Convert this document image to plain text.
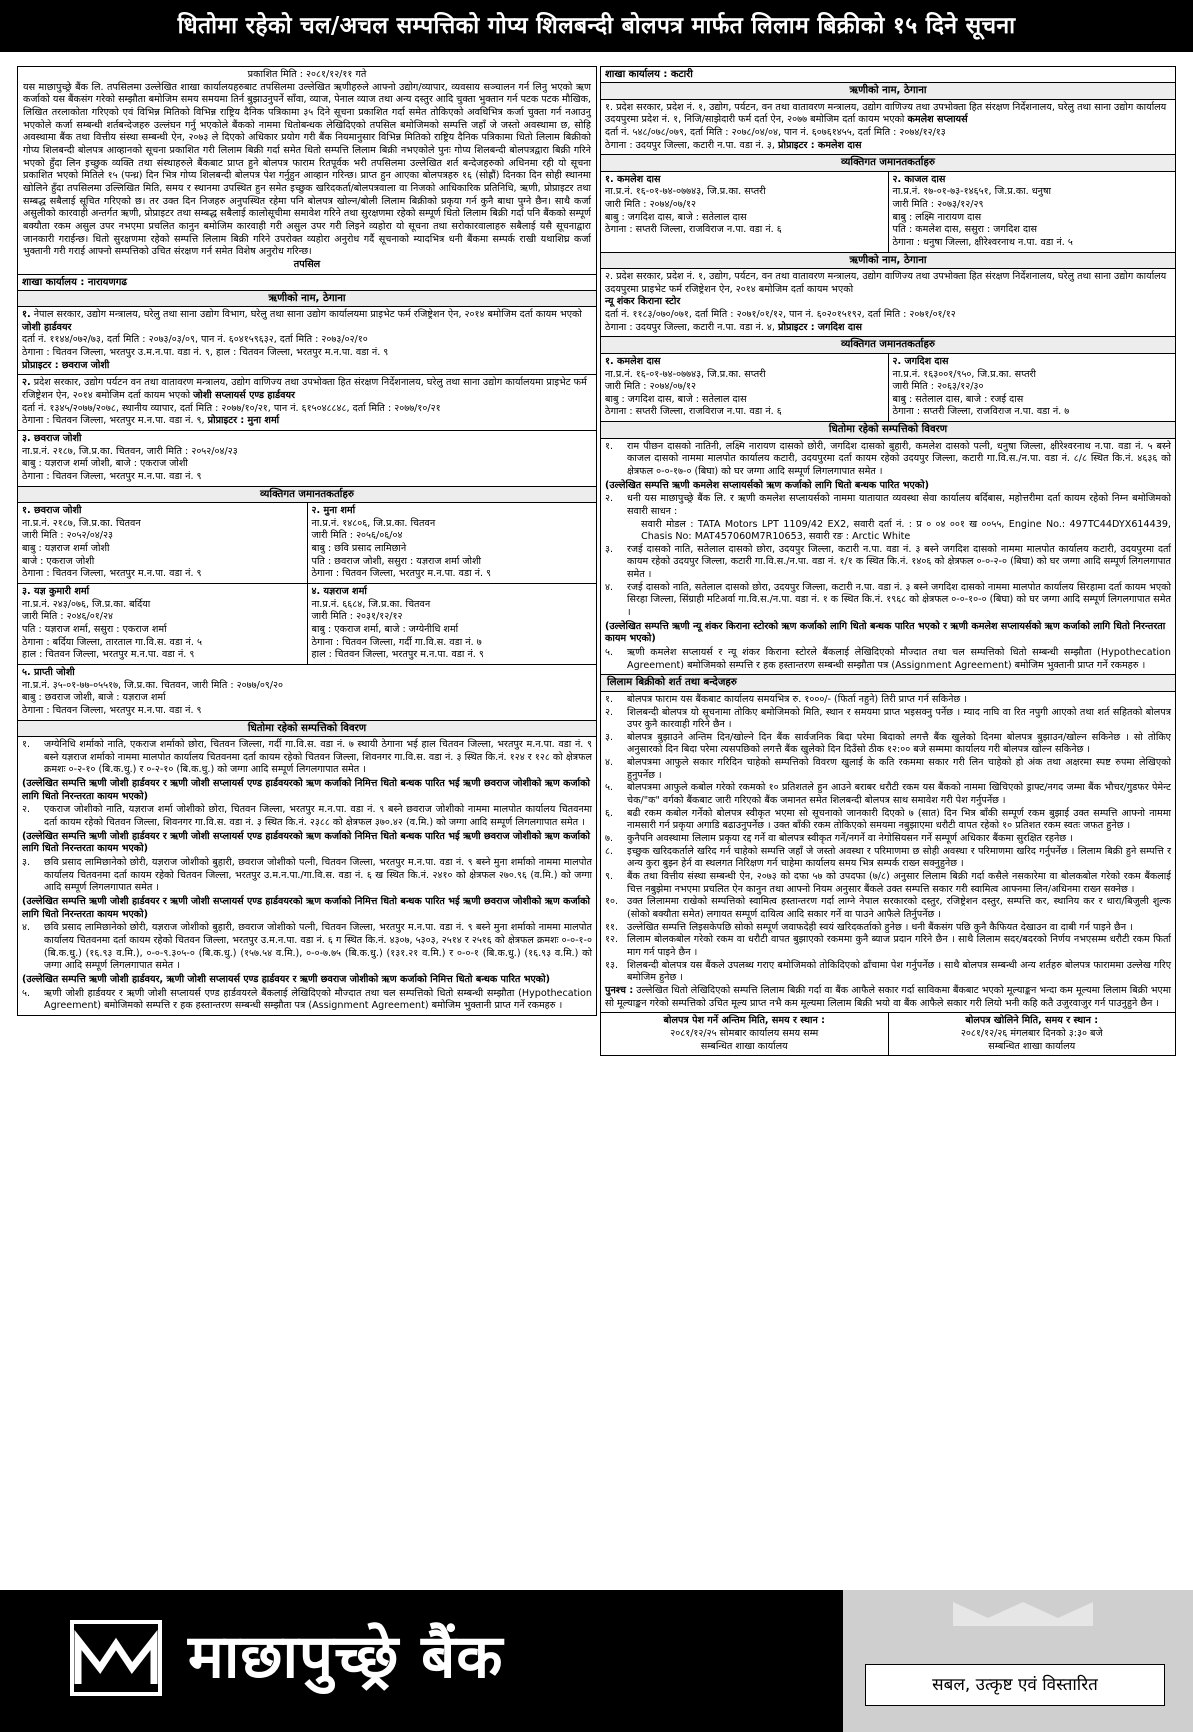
धितोमा रहेको चल/अचल सम्पत्तिको गोप्य शिलबन्दी बोलपत्र मार्फत लिलाम बिक्रीको १५ दिने सूचना
प्रकाशित मिति : २०८१/१२/११ गते

यस माछापुच्छ्रे बैंक लि. तपसिलमा उल्लेखित शाखा कार्यालयहरुबाट तपसिलमा उल्लेखित ऋणीहरुले आफ्नो उद्योग/व्यापार, व्यवसाय सञ्चालन गर्न लिनु भएको ऋण कर्जाको यस बैंकसंग गरेको सम्झौता बमोजिम समय समयमा तिर्न बुझाउनुपर्ने साँवा, व्याज, पेनाल व्याज तथा अन्य दस्तुर आदि चुक्ता भुक्तान गर्न पटक पटक मौखिक, लिखित तरलाकोता गरिएको एवं विभिन्न मितिको विभिन्न राष्ट्रिय दैनिक पत्रिकामा ३५ दिने सूचना प्रकाशित गर्दा समेत तोकिएको अवधिभित्र कर्जा चुक्ता गर्न नआउनु भएकोले कर्जा सम्बन्धी शर्तबन्देजहरु उल्लंघन गर्नु भएकोले बैंकको नाममा धितोबन्धक लेखिदिएको तपसिल बमोजिमको सम्पत्ति जहाँ जे जस्तो अवस्थामा छ, सोहि अवस्थामा बैंक तथा वित्तीय संस्था सम्बन्धी ऐन, २०७३ ले दिएको अधिकार प्रयोग गरी बैंक नियमानुसार विभिन्न मितिको राष्ट्रिय दैनिक पत्रिकामा धितो लिलाम बिक्रीको गोप्य शिलबन्दी बोलपत्र आव्हानको सूचना प्रकाशित गरी लिलाम बिक्री गर्दा समेत धितो सम्पत्ति लिलाम बिक्री नभएकोले पुनः गोप्य शिलबन्दी बोलपत्रद्वारा बिक्री गरिने भएको हुँदा लिन इच्छुक व्यक्ति तथा संस्थाहरुले बैंकबाट प्राप्त हुने बोलपत्र फाराम रितपूर्वक भरी तपसिलमा उल्लेखित शर्त बन्देजहरुको अधिनमा रही यो सूचना प्रकाशित भएको मितिले १५ (पन्ध्र) दिन भित्र गोप्य शिलबन्दी बोलपत्र पेश गर्नुहुन आव्हान गरिन्छ। प्राप्त हुन आएका बोलपत्रहरु १६ (सोह्रौं) दिनका दिन सोही स्थानमा खोलिने हुँदा तपसिलमा उल्लिखित मिति, समय र स्थानमा उपस्थित हुन समेत इच्छुक खरिदकर्ता/बोलपत्रवाला वा निजको आधिकारिक प्रतिनिधि, ऋणी, प्रोप्राइटर तथा सम्बद्ध सबैलाई सूचित गरिएको छ। तर उक्त दिन निजहरु अनुपस्थित रहेमा पनि बोलपत्र खोल्न/बोली लिलाम बिक्रीको प्रकृया गर्न कुनै बाधा पुग्ने छैन। साथै कर्जा असुलीको कारवाही अन्तर्गत ऋणी, प्रोप्राइटर तथा सम्बद्ध सबैलाई कालोसूचीमा समावेश गरिने तथा सुरक्षणमा रहेको सम्पूर्ण धितो लिलाम बिक्री गर्दा पनि बैंकको सम्पूर्ण बक्यौता रकम असुल उपर नभएमा प्रचलित कानुन बमोजिम कारवाही गरी असुल उपर गरी लिइने व्यहोरा यो सूचना तथा सरोकारवालाहरु सबैलाई यसै सूचनाद्वारा जानकारी गराईन्छ। धितो सुरक्षणमा रहेको सम्पत्ति लिलाम बिक्री गरिने उपरोक्त व्यहोरा अनुरोध गर्दै सूचनाको म्यादभित्र धनी बैंकमा सम्पर्क राखी यथाशिघ्र कर्जा भुक्तानी गरी गराई आफ्नो सम्पत्तिको उचित संरक्षण गर्न समेत विशेष अनुरोध गरिन्छ।

तपसिल
शाखा कार्यालय : नारायणगढ
ऋणीको नाम, ठेगाना
१. नेपाल सरकार, उद्योग मन्त्रालय, घरेलु तथा साना उद्योग विभाग, घरेलु तथा साना उद्योग कार्यालयमा प्राइभेट फर्म रजिष्ट्रेशन ऐन, २०१४ बमोजिम दर्ता कायम भएको जोशी हार्डवयर
दर्ता नं. ११४४/०७२/७३, दर्ता मिति : २०७३/०३/०९, पान नं. ६०४१५९६३२, दर्ता मिति : २०७३/०२/१०
ठेगाना : चितवन जिल्ला, भरतपुर उ.म.न.पा. वडा नं. ९, हाल : चितवन जिल्ला, भरतपुर म.न.पा. वडा नं. ९
प्रोप्राइटर : छवराज जोशी
२. प्रदेश सरकार, उद्योग पर्यटन वन तथा वातावरण मन्त्रालय, उद्योग वाणिज्य तथा उपभोक्ता हित संरक्षण निर्देशनालय, घरेलु तथा साना उद्योग कार्यालयमा प्राइभेट फर्म रजिष्ट्रेशन ऐन, २०१४ बमोजिम दर्ता कायम भएको जोशी सप्लायर्स एण्ड हार्डवयर
दर्ता नं. १३४५/२०७७/२०७८, स्थानीय व्यापार, दर्ता मिति : २०७७/१०/२१, पान नं. ६१५०४८८४८, दर्ता मिति : २०७७/१०/२१
ठेगाना : चितवन जिल्ला, भरतपुर म.न.पा. वडा नं. ९, प्रोप्राइटर : मुना शर्मा
३. छवराज जोशी
ना.प्र.नं. २१८७, जि.प्र.का. चितवन, जारी मिति : २०५२/०४/२३
बाबु : यज्ञराज शर्मा जोशी, बाजे : एकराज जोशी
ठेगाना : चितवन जिल्ला, भरतपुर म.न.पा. वडा नं. ९
व्यक्तिगत जमानतकर्ताहरु
१. छवराज जोशी
ना.प्र.नं. २१८७, जि.प्र.का. चितवन
जारी मिति : २०५२/०४/२३
बाबु : यज्ञराज शर्मा जोशी
बाजे : एकराज जोशी
ठेगाना : चितवन जिल्ला, भरतपुर म.न.पा. वडा नं. ९
२. मुना शर्मा
ना.प्र.नं. १४८०६, जि.प्र.का. चितवन
जारी मिति : २०५६/०६/०४
बाबु : छवि प्रसाद लामिछाने
पति : छवराज जोशी, ससुरा : यज्ञराज शर्मा जोशी
ठेगाना : चितवन जिल्ला, भरतपुर म.न.पा. वडा नं. ९
३. यज्ञ कुमारी शर्मा
ना.प्र.नं. २४३/०७६, जि.प्र.का. बर्दिया
जारी मिति : २०४६/०१/२४
पति : यज्ञराज शर्मा, ससुरा : एकराज शर्मा
ठेगाना : बर्दिया जिल्ला, तारताल गा.वि.स. वडा नं. ५
हाल : चितवन जिल्ला, भरतपुर म.न.पा. वडा नं. ९
४. यज्ञराज शर्मा
ना.प्र.नं. ६६८४, जि.प्र.का. चितवन
जारी मिति : २०३१/१२/१२
बाबु : एकराज शर्मा, बाजे : जग्येनीधि शर्मा
ठेगाना : चितवन जिल्ला, गर्दी गा.वि.स. वडा नं. ७
हाल : चितवन जिल्ला, भरतपुर म.न.पा. वडा नं. ९
५. प्राप्ती जोशी
ना.प्र.नं. ३५-०१-७७-०५५१७, जि.प्र.का. चितवन, जारी मिति : २०७७/०९/२०
बाबु : छवराज जोशी, बाजे : यज्ञराज शर्मा
ठेगाना : चितवन जिल्ला, भरतपुर म.न.पा. वडा नं. ९
धितोमा रहेको सम्पत्तिको विवरण
१.	जग्येनिधि शर्माको नाति, एकराज शर्माको छोरा, चितवन जिल्ला, गर्दी गा.वि.स. वडा नं. ७ स्थायी ठेगाना भई हाल चितवन जिल्ला, भरतपुर म.न.पा. वडा नं. ९ बस्ने यज्ञराज शर्माको नाममा मालपोत कार्यालय चितवनमा दर्ता कायम रहेको चितवन जिल्ला, शिवनगर गा.वि.स. वडा नं. ३ स्थित कि.नं. १२४ र १२८ को क्षेत्रफल क्रमशः ०-२-१० (बि.क.धु.) र ०-२-१० (बि.क.धु.) को जग्गा आदि सम्पूर्ण लिगलगापात समेत ।
(उल्लेखित सम्पत्ति ऋणी जोशी हार्डवयर र ऋणी जोशी सप्लायर्स एण्ड हार्डवयरको ऋण कर्जाको निमित्त धितो बन्धक पारित भई ऋणी छवराज जोशीको ऋण कर्जाको लागि धितो निरन्तरता कायम भएको)
२.	एकराज जोशीको नाति, यज्ञराज शर्मा जोशीको छोरा, चितवन जिल्ला, भरतपुर म.न.पा. वडा नं. ९ बस्ने छवराज जोशीको नाममा मालपोत कार्यालय चितवनमा दर्ता कायम रहेको चितवन जिल्ला, शिवनगर गा.वि.स. वडा नं. ३ स्थित कि.नं. २३८८ को क्षेत्रफल ३७०.४२ (व.मि.) को जग्गा आदि सम्पूर्ण लिगलगापात समेत ।
(उल्लेखित सम्पत्ति ऋणी जोशी हार्डवयर र ऋणी जोशी सप्लायर्स एण्ड हार्डवयरको ऋण कर्जाको निमित्त धितो बन्धक पारित भई ऋणी छवराज जोशीको ऋण कर्जाको लागि धितो निरन्तरता कायम भएको)
३.	छवि प्रसाद लामिछानेको छोरी, यज्ञराज जोशीको बुहारी, छवराज जोशीको पत्नी, चितवन जिल्ला, भरतपुर म.न.पा. वडा नं. ९ बस्ने मुना शर्माको नाममा मालपोत कार्यालय चितवनमा दर्ता कायम रहेको चितवन जिल्ला, भरतपुर उ.म.न.पा./गा.वि.स. वडा नं. ६ ख स्थित कि.नं. २४१० को क्षेत्रफल २७०.९६ (व.मि.) को जग्गा आदि सम्पूर्ण लिगलगापात समेत ।
(उल्लेखित सम्पत्ति ऋणी जोशी हार्डवयर र ऋणी जोशी सप्लायर्स एण्ड हार्डवयरको ऋण कर्जाको निमित्त धितो बन्धक पारित भई ऋणी छवराज जोशीको ऋण कर्जाको लागि धितो निरन्तरता कायम भएको)
४.	छवि प्रसाद लामिछानेको छोरी, यज्ञराज जोशीको बुहारी, छवराज जोशीको पत्नी, चितवन जिल्ला, भरतपुर म.न.पा. वडा नं. ९ बस्ने मुना शर्माको नाममा मालपोत कार्यालय चितवनमा दर्ता कायम रहेको चितवन जिल्ला, भरतपुर उ.म.न.पा. वडा नं. ६ ग स्थित कि.नं. ४३०७, ५३०३, २५१४ र २५१६ को क्षेत्रफल क्रमशः ०-०-१-० (बि.क.धु.) (१६.९३ व.मि.), ०-०-९.३०५-० (बि.क.धु.) (१५७.५४ व.मि.), ०-०-७.७५ (बि.क.धु.) (१३१.२१ व.मि.) र ०-०-१ (बि.क.धु.) (१६.९३ व.मि.) को जग्गा आदि सम्पूर्ण लिगलगापात समेत ।
(उल्लेखित सम्पत्ति ऋणी जोशी हार्डवयर, ऋणी जोशी सप्लायर्स एण्ड हार्डवयर र ऋणी छवराज जोशीको ऋण कर्जाको निमित्त धितो बन्धक पारित भएको)
५.	ऋणी जोशी हार्डवयर र ऋणी जोशी सप्लायर्स एण्ड हार्डवयरले बैंकलाई लेखिदिएको मौज्दात तथा चल सम्पत्तिको धितो सम्बन्धी सम्झौता (Hypothecation Agreement) बमोजिमको सम्पत्ति र हक हस्तान्तरण सम्बन्धी सम्झौता पत्र (Assignment Agreement) बमोजिम भुक्तानी प्राप्त गर्ने रकमहरु ।
शाखा कार्यालय : कटारी
ऋणीको नाम, ठेगाना
१. प्रदेश सरकार, प्रदेश नं. १, उद्योग, पर्यटन, वन तथा वातावरण मन्त्रालय, उद्योग वाणिज्य तथा उपभोक्ता हित संरक्षण निर्देशनालय, घरेलु तथा साना उद्योग कार्यालय उदयपुरमा प्रदेश नं. १, निजि/साझेदारी फर्म दर्ता ऐन, २०७७ बमोजिम दर्ता कायम भएको कमलेश सप्लायर्स
दर्ता नं. ५४८/०७८/०७९, दर्ता मिति : २०७८/०४/०४, पान नं. ६०७६१४५५, दर्ता मिति : २०७४/१२/१३
ठेगाना : उदयपुर जिल्ला, कटारी न.पा. वडा नं. ३, प्रोप्राइटर : कमलेश दास
व्यक्तिगत जमानतकर्ताहरु
१. कमलेश दास
ना.प्र.नं. १६-०१-७४-०७७४३, जि.प्र.का. सप्तरी
जारी मिति : २०७४/०७/१२
बाबु : जगदिश दास, बाजे : सतेलाल दास
ठेगाना : सप्तरी जिल्ला, राजविराज न.पा. वडा नं. ६
२. काजल दास
ना.प्र.नं. १७-०१-७३-१४६५१, जि.प्र.का. धनुषा
जारी मिति : २०७३/१२/२९
बाबु : लक्ष्मि नारायण दास
पति : कमलेश दास, ससुरा : जगदिश दास
ठेगाना : धनुषा जिल्ला, क्षीरेश्वरनाथ न.पा. वडा नं. ५
ऋणीको नाम, ठेगाना
२. प्रदेश सरकार, प्रदेश नं. १, उद्योग, पर्यटन, वन तथा वातावरण मन्त्रालय, उद्योग वाणिज्य तथा उपभोक्ता हित संरक्षण निर्देशनालय, घरेलु तथा साना उद्योग कार्यालय उदयपुरमा प्राइभेट फर्म रजिष्ट्रेशन ऐन, २०१४ बमोजिम दर्ता कायम भएको
न्यू शंकर किराना स्टोर
दर्ता नं. ११८३/०७०/०७१, दर्ता मिति : २०७१/०१/१२, पान नं. ६०२०१५१९२, दर्ता मिति : २०७१/०१/१२
ठेगाना : उदयपुर जिल्ला, कटारी न.पा. वडा नं. ४, प्रोप्राइटर : जगदिश दास
व्यक्तिगत जमानतकर्ताहरु
१. कमलेश दास
ना.प्र.नं. १६-०१-७४-०७७४३, जि.प्र.का. सप्तरी
जारी मिति : २०७४/०७/१२
बाबु : जगदिश दास, बाजे : सतेलाल दास
ठेगाना : सप्तरी जिल्ला, राजविराज न.पा. वडा नं. ६
२. जगदिश दास
ना.प्र.नं. १६३००१/९५०, जि.प्र.का. सप्तरी
जारी मिति : २०६३/१२/३०
बाबु : सतेलाल दास, बाजे : रजई दास
ठेगाना : सप्तरी जिल्ला, राजविराज न.पा. वडा नं. ७
धितोमा रहेको सम्पत्तिको विवरण
१.	राम पीछन दासको नातिनी, लक्ष्मि नारायण दासको छोरी, जगदिश दासको बुहारी, कमलेश दासको पत्नी, धनुषा जिल्ला, क्षीरेश्वरनाथ न.पा. वडा नं. ५ बस्ने काजल दासको नाममा मालपोत कार्यालय कटारी, उदयपुरमा दर्ता कायम रहेको उदयपुर जिल्ला, कटारी गा.वि.स./न.पा. वडा नं. ८/८ स्थित कि.नं. ४६३६ को क्षेत्रफल ०-०-१७-० (बिघा) को घर जग्गा आदि सम्पूर्ण लिगलगापात समेत ।
(उल्लेखित सम्पत्ति ऋणी कमलेश सप्लायर्सको ऋण कर्जाको लागि धितो बन्धक पारित भएको)
२.	धनी यस माछापुच्छ्रे बैंक लि. र ऋणी कमलेश सप्लायर्सको नाममा यातायात व्यवस्था सेवा कार्यालय बर्दिबास, महोत्तरीमा दर्ता कायम रहेको निम्न बमोजिमको सवारी साधन :
सवारी मोडल : TATA Motors LPT 1109/42 EX2, सवारी दर्ता नं. : प्र ० ०४ ००१ ख ००५५, Engine No.: 497TC44DYX614439, Chasis No: MAT457060M7R10653, सवारी रङ : Arctic White
३.	रजई दासको नाति, सतेलाल दासको छोरा, उदयपुर जिल्ला, कटारी न.पा. वडा नं. ३ बस्ने जगदिश दासको नाममा मालपोत कार्यालय कटारी, उदयपुरमा दर्ता कायम रहेको उदयपुर जिल्ला, कटारी गा.वि.स./न.पा. वडा नं. १/१ क स्थित कि.नं. १४०६ को क्षेत्रफल ०-०-२-० (बिघा) को घर जग्गा आदि सम्पूर्ण लिगलगापात समेत ।
४.	रजई दासको नाति, सतेलाल दासको छोरा, उदयपुर जिल्ला, कटारी न.पा. वडा नं. ३ बस्ने जगदिश दासको नाममा मालपोत कार्यालय सिरहामा दर्ता कायम भएको सिरहा जिल्ला, सिंग्राही मटिअर्वा गा.वि.स./न.पा. वडा नं. १ क स्थित कि.नं. १९६८ को क्षेत्रफल ०-०-१०-० (बिघा) को घर जग्गा आदि सम्पूर्ण लिगलगापात समेत ।
(उल्लेखित सम्पत्ति ऋणी न्यू शंकर किराना स्टोरको ऋण कर्जाको लागि धितो बन्धक पारित भएको र ऋणी कमलेश सप्लायर्सको ऋण कर्जाको लागि धितो निरन्तरता कायम भएको)
५.	ऋणी कमलेश सप्लायर्स र न्यू शंकर किराना स्टोरले बैंकलाई लेखिदिएको मौज्दात तथा चल सम्पत्तिको धितो सम्बन्धी सम्झौता (Hypothecation Agreement) बमोजिमको सम्पत्ति र हक हस्तान्तरण सम्बन्धी सम्झौता पत्र (Assignment Agreement) बमोजिम भुक्तानी प्राप्त गर्ने रकमहरु ।
लिलाम बिक्रीको शर्त तथा बन्देजहरु
१.	बोलपत्र फाराम यस बैंकबाट कार्यालय समयभित्र रु. १०००/- (फिर्ता नहुने) तिरी प्राप्त गर्न सकिनेछ ।
२.	शिलबन्दी बोलपत्र यो सूचनामा तोकिए बमोजिमको मिति, स्थान र समयमा प्राप्त भइसक्नु पर्नेछ । म्याद नाघि वा रित नपुगी आएको तथा शर्त सहितको बोलपत्र उपर कुनै कारवाही गरिने छैन ।
३.	बोलपत्र बुझाउने अन्तिम दिन/खोल्ने दिन बैंक सार्वजनिक बिदा परेमा बिदाको लगत्तै बैंक खुलेको दिनमा बोलपत्र बुझाउन/खोल्न सकिनेछ । सो तोकिए अनुसारको दिन बिदा परेमा त्यसपछिको लगत्तै बैंक खुलेको दिन दिउँसो ठीक १२:०० बजे सम्ममा कार्यालय गरी बोलपत्र खोल्न सकिनेछ ।
४.	बोलपत्रमा आफुले सकार गरिदिन चाहेको सम्पत्तिको विवरण खुलाई के कति रकममा सकार गरी लिन चाहेको हो अंक तथा अक्षरमा स्पष्ट रुपमा लेखिएको हुनुपर्नेछ ।
५.	बोलपत्रमा आफुले कबोल गरेको रकमको १० प्रतिशतले हुन आउने बराबर धरौटी रकम यस बैंकको नाममा खिचिएको ड्राफ्ट/नगद जम्मा बैंक भौचर/गुडफर पेमेन्ट चेक/"क" वर्गको बैंकबाट जारी गरिएको बैंक जमानत समेत शिलबन्दी बोलपत्र साथ समावेश गरी पेश गर्नुपर्नेछ ।
६.	बढी रकम कबोल गर्नेको बोलपत्र स्वीकृत भएमा सो सूचनाको जानकारी दिएको ७ (सात) दिन भित्र बाँकी सम्पूर्ण रकम बुझाई उक्त सम्पत्ति आफ्नो नाममा नामसारी गर्न प्रकृया अगाडि बढाउनुपर्नेछ । उक्त बाँकी रकम तोकिएको समयमा नबुझाएमा धरौटी वापत रहेको १० प्रतिशत रकम स्वतः जफत हुनेछ ।
७.	कुनैपनि अवस्थामा लिलाम प्रकृया रद्द गर्ने वा बोलपत्र स्वीकृत गर्ने/नगर्ने वा नेगोसियसन गर्ने सम्पूर्ण अधिकार बैंकमा सुरक्षित रहनेछ ।
८.	इच्छुक खरिदकर्ताले खरिद गर्न चाहेको सम्पत्ति जहाँ जे जस्तो अवस्था र परिमाणमा छ सोही अवस्था र परिमाणमा खरिद गर्नुपर्नेछ । लिलाम बिक्री हुने सम्पत्ति र अन्य कुरा बुझ्न हेर्न वा स्थलगत निरिक्षण गर्न चाहेमा कार्यालय समय भित्र सम्पर्क राख्न सक्नुहुनेछ ।
९.	बैंक तथा वित्तीय संस्था सम्बन्धी ऐन, २०७३ को दफा ५७ को उपदफा (७/८) अनुसार लिलाम बिक्री गर्दा कसैले नसकारेमा वा बोलकबोल गरेको रकम बैंकलाई चित्त नबुझेमा नभएमा प्रचलित ऐन कानुन तथा आफ्नो नियम अनुसार बैंकले उक्त सम्पत्ति सकार गरी स्वामित्व आफ्नमा लिन/अधिनमा राख्न सक्नेछ ।
१०. उक्त लिलाममा राखेको सम्पत्तिको स्वामित्व हस्तान्तरण गर्दा लाग्ने नेपाल सरकारको दस्तुर, रजिष्ट्रेशन दस्तुर, सम्पत्ति कर, स्थानिय कर र धारा/बिजुली शुल्क (सोको बक्यौता समेत) लगायत सम्पूर्ण दायित्व आदि सकार गर्ने वा पाउने आफैले तिर्नुपर्नेछ ।
११. उल्लेखित सम्पत्ति लिइसकेपछि सोको सम्पूर्ण जवाफदेही स्वयं खरिदकर्ताको हुनेछ । धनी बैंकसंग पछि कुनै कैफियत देखाउन वा दाबी गर्न पाइने छैन ।
१२. लिलाम बोलकबोल गरेको रकम वा धरौटी वापत बुझाएको रकममा कुनै ब्याज प्रदान गरिने छैन । साथै लिलाम सदर/बदरको निर्णय नभएसम्म धरौटी रकम फिर्ता माग गर्न पाइने छैन ।
१३. शिलबन्दी बोलपत्र यस बैंकले उपलब्ध गराए बमोजिमको तोकिदिएको ढाँचामा पेश गर्नुपर्नेछ । साथै बोलपत्र सम्बन्धी अन्य शर्तहरु बोलपत्र फाराममा उल्लेख गरिए बमोजिम हुनेछ ।

पुनश्च : उल्लेखित धितो लेखिदिएको सम्पत्ति लिलाम बिक्री गर्दा वा बैंक आफैले सकार गर्दा साविकमा बैंकबाट भएको मूल्याङ्कन भन्दा कम मूल्यमा लिलाम बिक्री भएमा सो मूल्याङ्कन गरेको सम्पत्तिको उचित मूल्य प्राप्त नभै कम मूल्यमा लिलाम बिक्री भयो वा बैंक आफैले सकार गरी लियो भनी कहि कतै उजुरवाजुर गर्न पाउनुहुने छैन ।

बोलपत्र पेश गर्ने अन्तिम मिति, समय र स्थान :
२०८१/१२/२५ सोमबार कार्यालय समय सम्म
सम्बन्धित शाखा कार्यालय
बोलपत्र खोलिने मिति, समय र स्थान :
२०८१/१२/२६ मंगलबार दिनको ३:३० बजे
सम्बन्धित शाखा कार्यालय
सबल, उत्कृष्ट एवं विस्तारित
माछापुच्छ्रे बैंक
